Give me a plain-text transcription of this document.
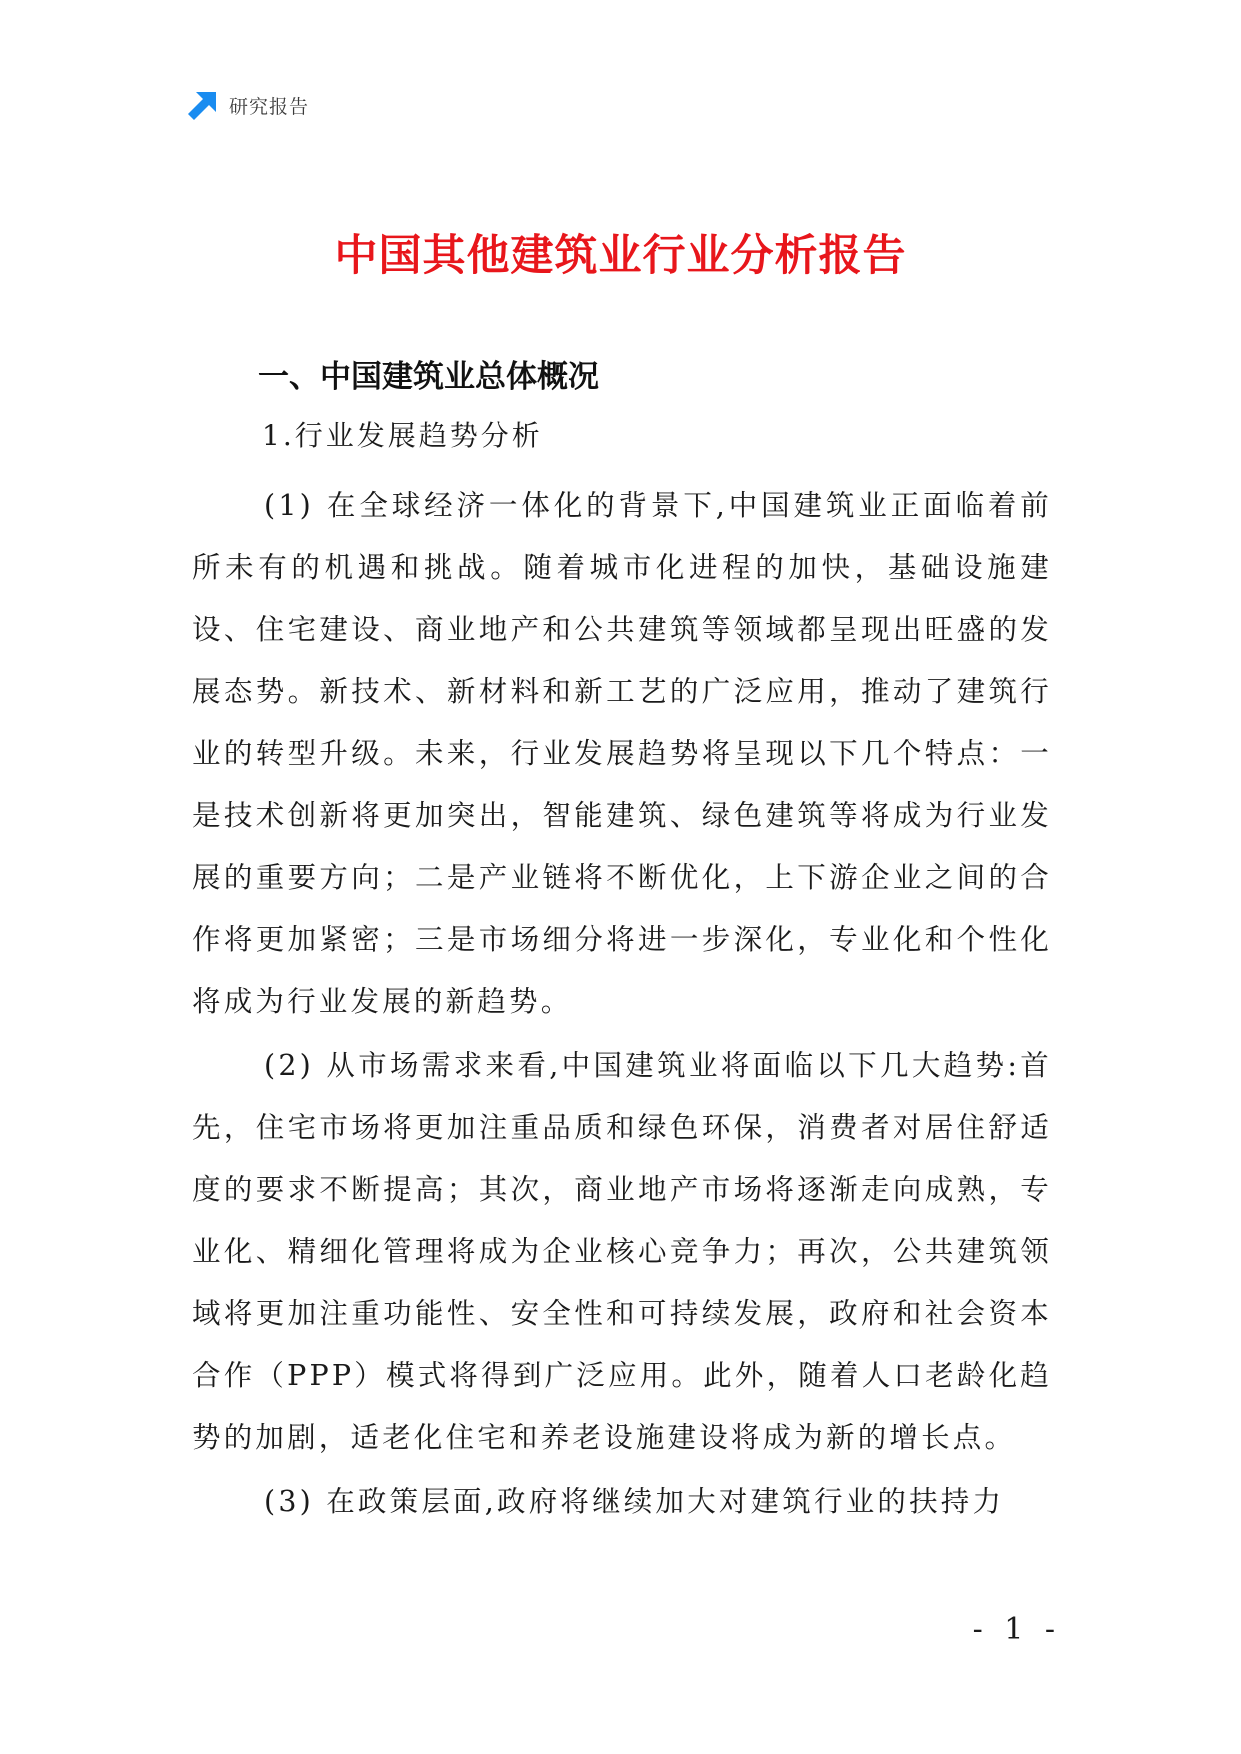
研究报告
中国其他建筑业行业分析报告
一、中国建筑业总体概况
1.行业发展趋势分析

(1) 在全球经济一体化的背景下,中国建筑业正面临着前所未有的机遇和挑战。随着城市化进程的加快，基础设施建设、住宅建设、商业地产和公共建筑等领域都呈现出旺盛的发展态势。新技术、新材料和新工艺的广泛应用，推动了建筑行业的转型升级。未来，行业发展趋势将呈现以下几个特点：一是技术创新将更加突出，智能建筑、绿色建筑等将成为行业发展的重要方向；二是产业链将不断优化，上下游企业之间的合作将更加紧密；三是市场细分将进一步深化，专业化和个性化将成为行业发展的新趋势。

(2) 从市场需求来看,中国建筑业将面临以下几大趋势:首先，住宅市场将更加注重品质和绿色环保，消费者对居住舒适度的要求不断提高；其次，商业地产市场将逐渐走向成熟，专业化、精细化管理将成为企业核心竞争力；再次，公共建筑领域将更加注重功能性、安全性和可持续发展，政府和社会资本合作（PPP）模式将得到广泛应用。此外，随着人口老龄化趋势的加剧，适老化住宅和养老设施建设将成为新的增长点。

(3) 在政策层面,政府将继续加大对建筑行业的扶持力

- 1 -
